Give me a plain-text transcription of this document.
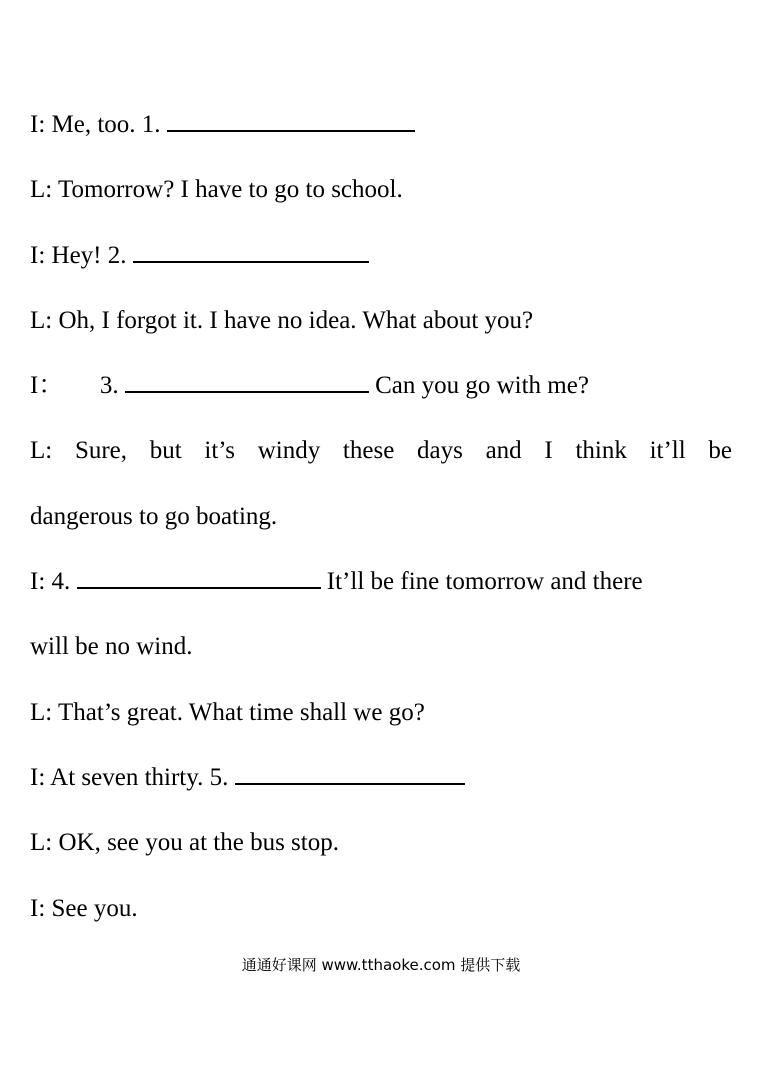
I: Me, too. 1.
L: Tomorrow? I have to go to school.
I: Hey! 2.
L: Oh, I forgot it. I have no idea. What about you?
I： 3.	Can you go with me?
L: Sure, but it’s windy these days and I think it’ll be
dangerous to go boating.
I: 4.	It’ll be fine tomorrow and there
will be no wind.
L: That’s great. What time shall we go?
I: At seven thirty. 5.
L: OK, see you at the bus stop.
I: See you.
通通好课网 www.tthaoke.com 提供下载
